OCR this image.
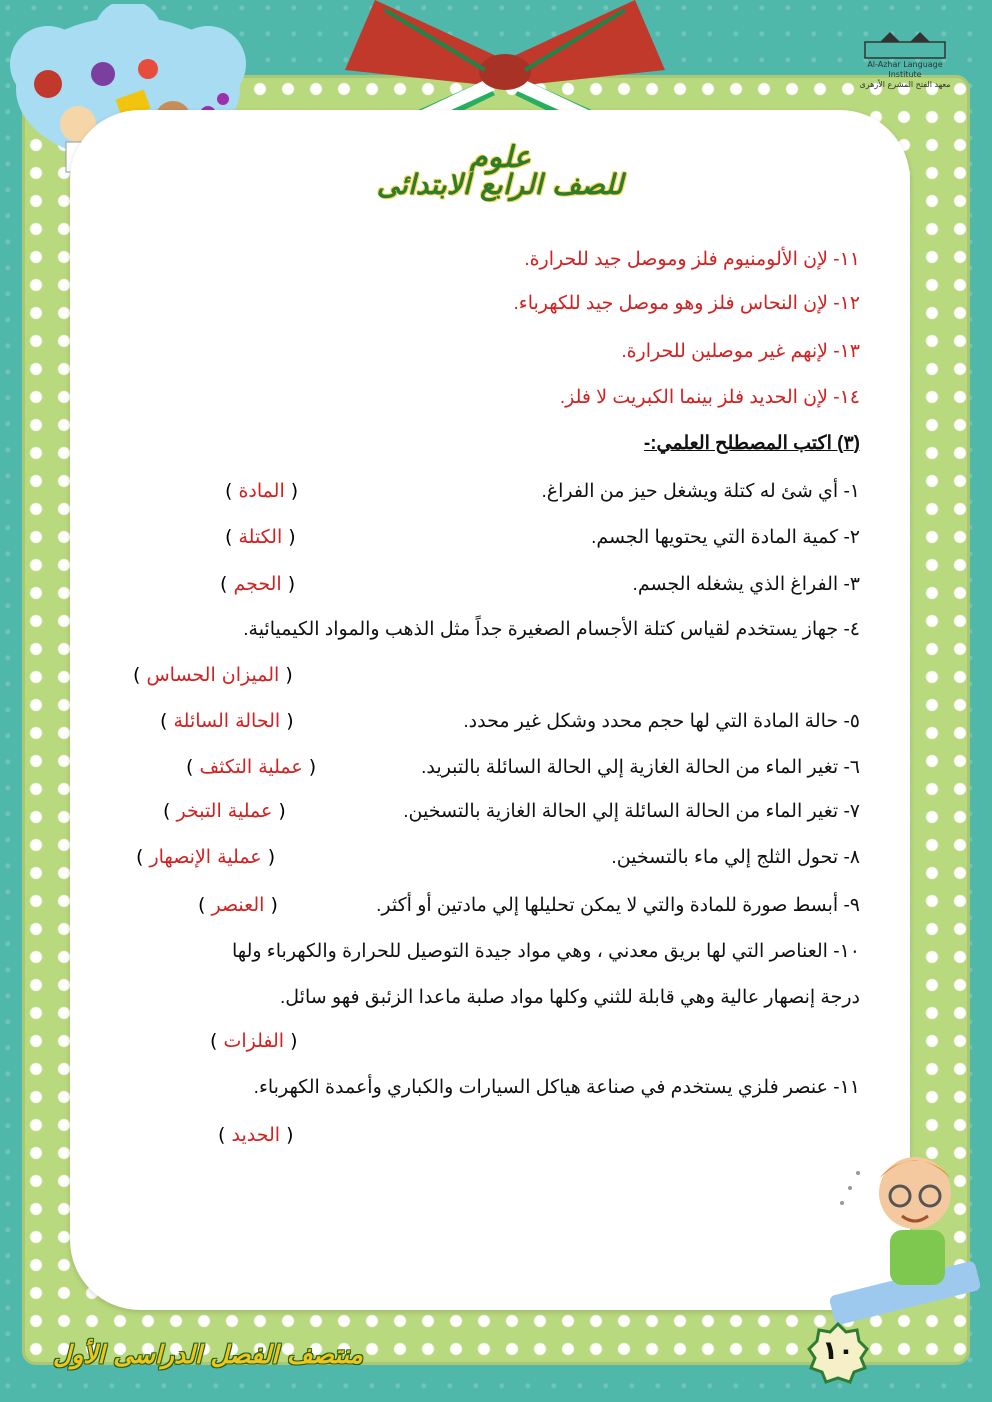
Al-Azhar Language Institute
معهد الفتح المشرع الأزهرى
علوم
للصف الرابع الابتدائى
١١- لإن الألومنيوم فلز وموصل جيد للحرارة.
١٢- لإن النحاس فلز وهو موصل جيد للكهرباء.
١٣- لإنهم غير موصلين للحرارة.
١٤- لإن الحديد فلز بينما الكبريت لا فلز.
(٣) اكتب المصطلح العلمي:-
١- أي شئ له كتلة ويشغل حيز من الفراغ.
٢- كمية المادة التي يحتويها الجسم.
٣- الفراغ الذي يشغله الجسم.
٤- جهاز يستخدم لقياس كتلة الأجسام الصغيرة جداً مثل الذهب والمواد الكيميائية.
٥- حالة المادة التي لها حجم محدد وشكل غير محدد.
٦- تغير الماء من الحالة الغازية إلي الحالة السائلة بالتبريد.
٧- تغير الماء من الحالة السائلة إلي الحالة الغازية بالتسخين.
٨- تحول الثلج إلي ماء بالتسخين.
٩- أبسط صورة للمادة والتي لا يمكن تحليلها إلي مادتين أو أكثر.
١٠- العناصر التي لها بريق معدني ، وهي مواد جيدة التوصيل للحرارة والكهرباء ولها
درجة إنصهار عالية وهي قابلة للثني وكلها مواد صلبة ماعدا الزئبق فهو سائل.
١١- عنصر فلزي يستخدم في صناعة هياكل السيارات والكباري وأعمدة الكهرباء.
( المادة )
( الكتلة )
( الحجم )
( الميزان الحساس )
( الحالة السائلة )
( عملية التكثف )
( عملية التبخر )
( عملية الإنصهار )
( العنصر )
( الفلزات )
( الحديد )
منتصف الفصل الدراسى الأول	١٠
